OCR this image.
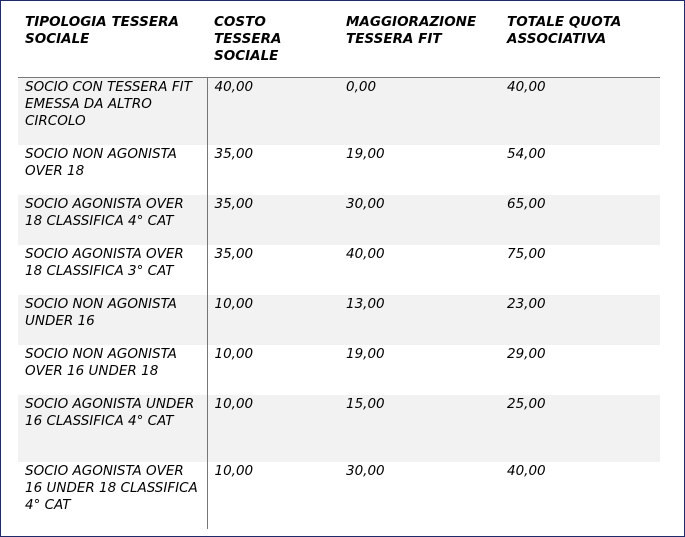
TIPOLOGIA TESSERA SOCIALE	COSTO TESSERA SOCIALE	MAGGIORAZIONE TESSERA FIT	TOTALE QUOTA ASSOCIATIVA
SOCIO CON TESSERA FIT EMESSA DA ALTRO CIRCOLO	40,00	0,00	40,00
SOCIO NON AGONISTA OVER 18	35,00	19,00	54,00
SOCIO AGONISTA OVER 18 CLASSIFICA 4° CAT	35,00	30,00	65,00
SOCIO AGONISTA OVER 18 CLASSIFICA 3° CAT	35,00	40,00	75,00
SOCIO NON AGONISTA UNDER 16	10,00	13,00	23,00
SOCIO NON AGONISTA OVER 16 UNDER 18	10,00	19,00	29,00
SOCIO AGONISTA UNDER 16 CLASSIFICA 4° CAT	10,00	15,00	25,00
SOCIO AGONISTA OVER 16 UNDER 18 CLASSIFICA 4° CAT	10,00	30,00	40,00
